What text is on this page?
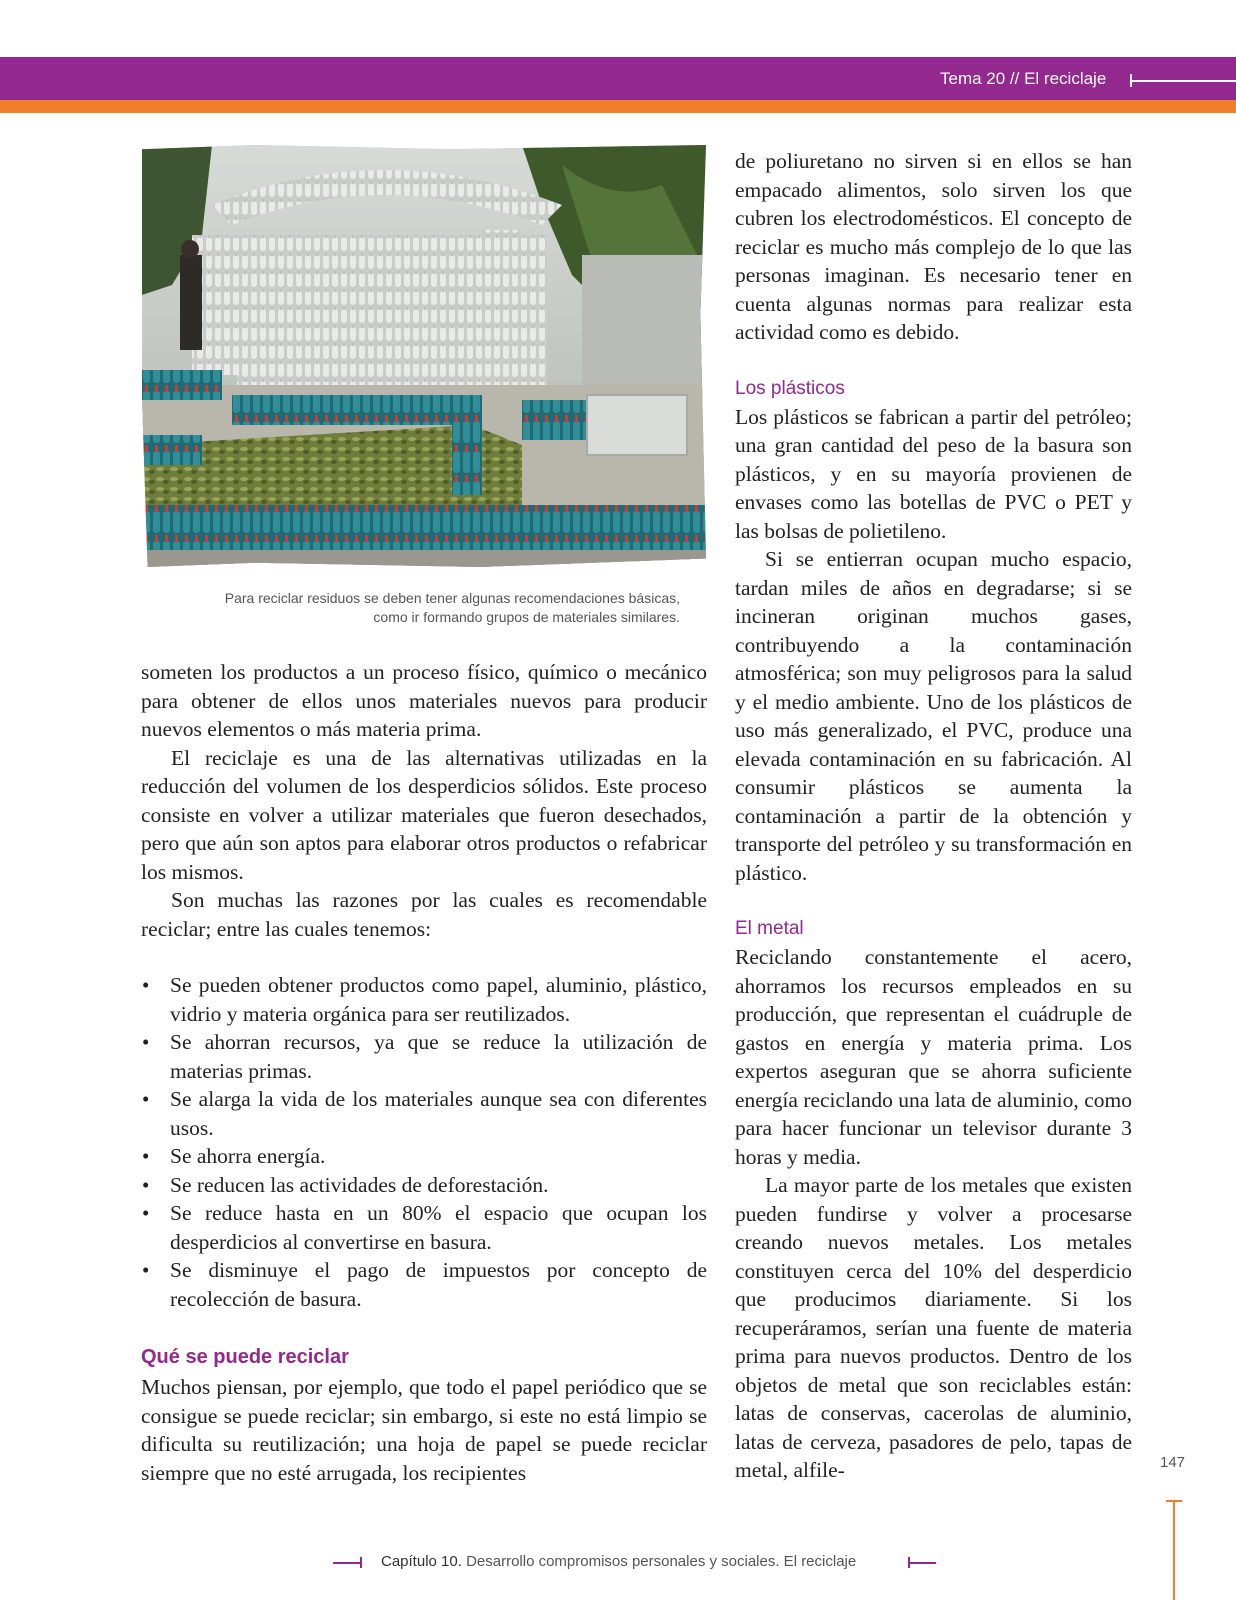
Tema 20 // El reciclaje
Para reciclar residuos se deben tener algunas recomendaciones básicas,
como ir formando grupos de materiales similares.

someten los productos a un proceso físico, químico o mecánico para obtener de ellos unos materiales nuevos para producir nuevos elementos o más materia prima.

El reciclaje es una de las alternativas utilizadas en la reducción del volumen de los desperdicios sólidos. Este proceso consiste en volver a utilizar materiales que fueron desechados, pero que aún son aptos para elaborar otros productos o refabricar los mismos.

Son muchas las razones por las cuales es recomendable reciclar; entre las cuales tenemos:

• Se pueden obtener productos como papel, aluminio, plástico, vidrio y materia orgánica para ser reutilizados.
• Se ahorran recursos, ya que se reduce la utilización de materias primas.
• Se alarga la vida de los materiales aunque sea con diferentes usos.
• Se ahorra energía.
• Se reducen las actividades de deforestación.
• Se reduce hasta en un 80% el espacio que ocupan los desperdicios al convertirse en basura.
• Se disminuye el pago de impuestos por concepto de recolección de basura.
Qué se puede reciclar

Muchos piensan, por ejemplo, que todo el papel periódico que se consigue se puede reciclar; sin embargo, si este no está limpio se dificulta su reutilización; una hoja de papel se puede reciclar siempre que no esté arrugada, los recipientes

de poliuretano no sirven si en ellos se han empacado alimentos, solo sirven los que cubren los electrodomésticos. El concepto de reciclar es mucho más complejo de lo que las personas imaginan. Es necesario tener en cuenta algunas normas para realizar esta actividad como es debido.

Los plásticos

Los plásticos se fabrican a partir del petróleo; una gran cantidad del peso de la basura son plásticos, y en su mayoría provienen de envases como las botellas de PVC o PET y las bolsas de polietileno.

Si se entierran ocupan mucho espacio, tardan miles de años en degradarse; si se incineran originan muchos gases, contribuyendo a la contaminación atmosférica; son muy peligrosos para la salud y el medio ambiente. Uno de los plásticos de uso más generalizado, el PVC, produce una elevada contaminación en su fabricación. Al consumir plásticos se aumenta la contaminación a partir de la obtención y transporte del petróleo y su transformación en plástico.

El metal

Reciclando constantemente el acero, ahorramos los recursos empleados en su producción, que representan el cuádruple de gastos en energía y materia prima. Los expertos aseguran que se ahorra suficiente energía reciclando una lata de aluminio, como para hacer funcionar un televisor durante 3 horas y media.

La mayor parte de los metales que existen pueden fundirse y volver a procesarse creando nuevos metales. Los metales constituyen cerca del 10% del desperdicio que producimos diariamente. Si los recuperáramos, serían una fuente de materia prima para nuevos productos. Dentro de los objetos de metal que son reciclables están: latas de conservas, cacerolas de aluminio, latas de cerveza, pasadores de pelo, tapas de metal, alfile-	147
Capítulo 10. Desarrollo compromisos personales y sociales. El reciclaje
